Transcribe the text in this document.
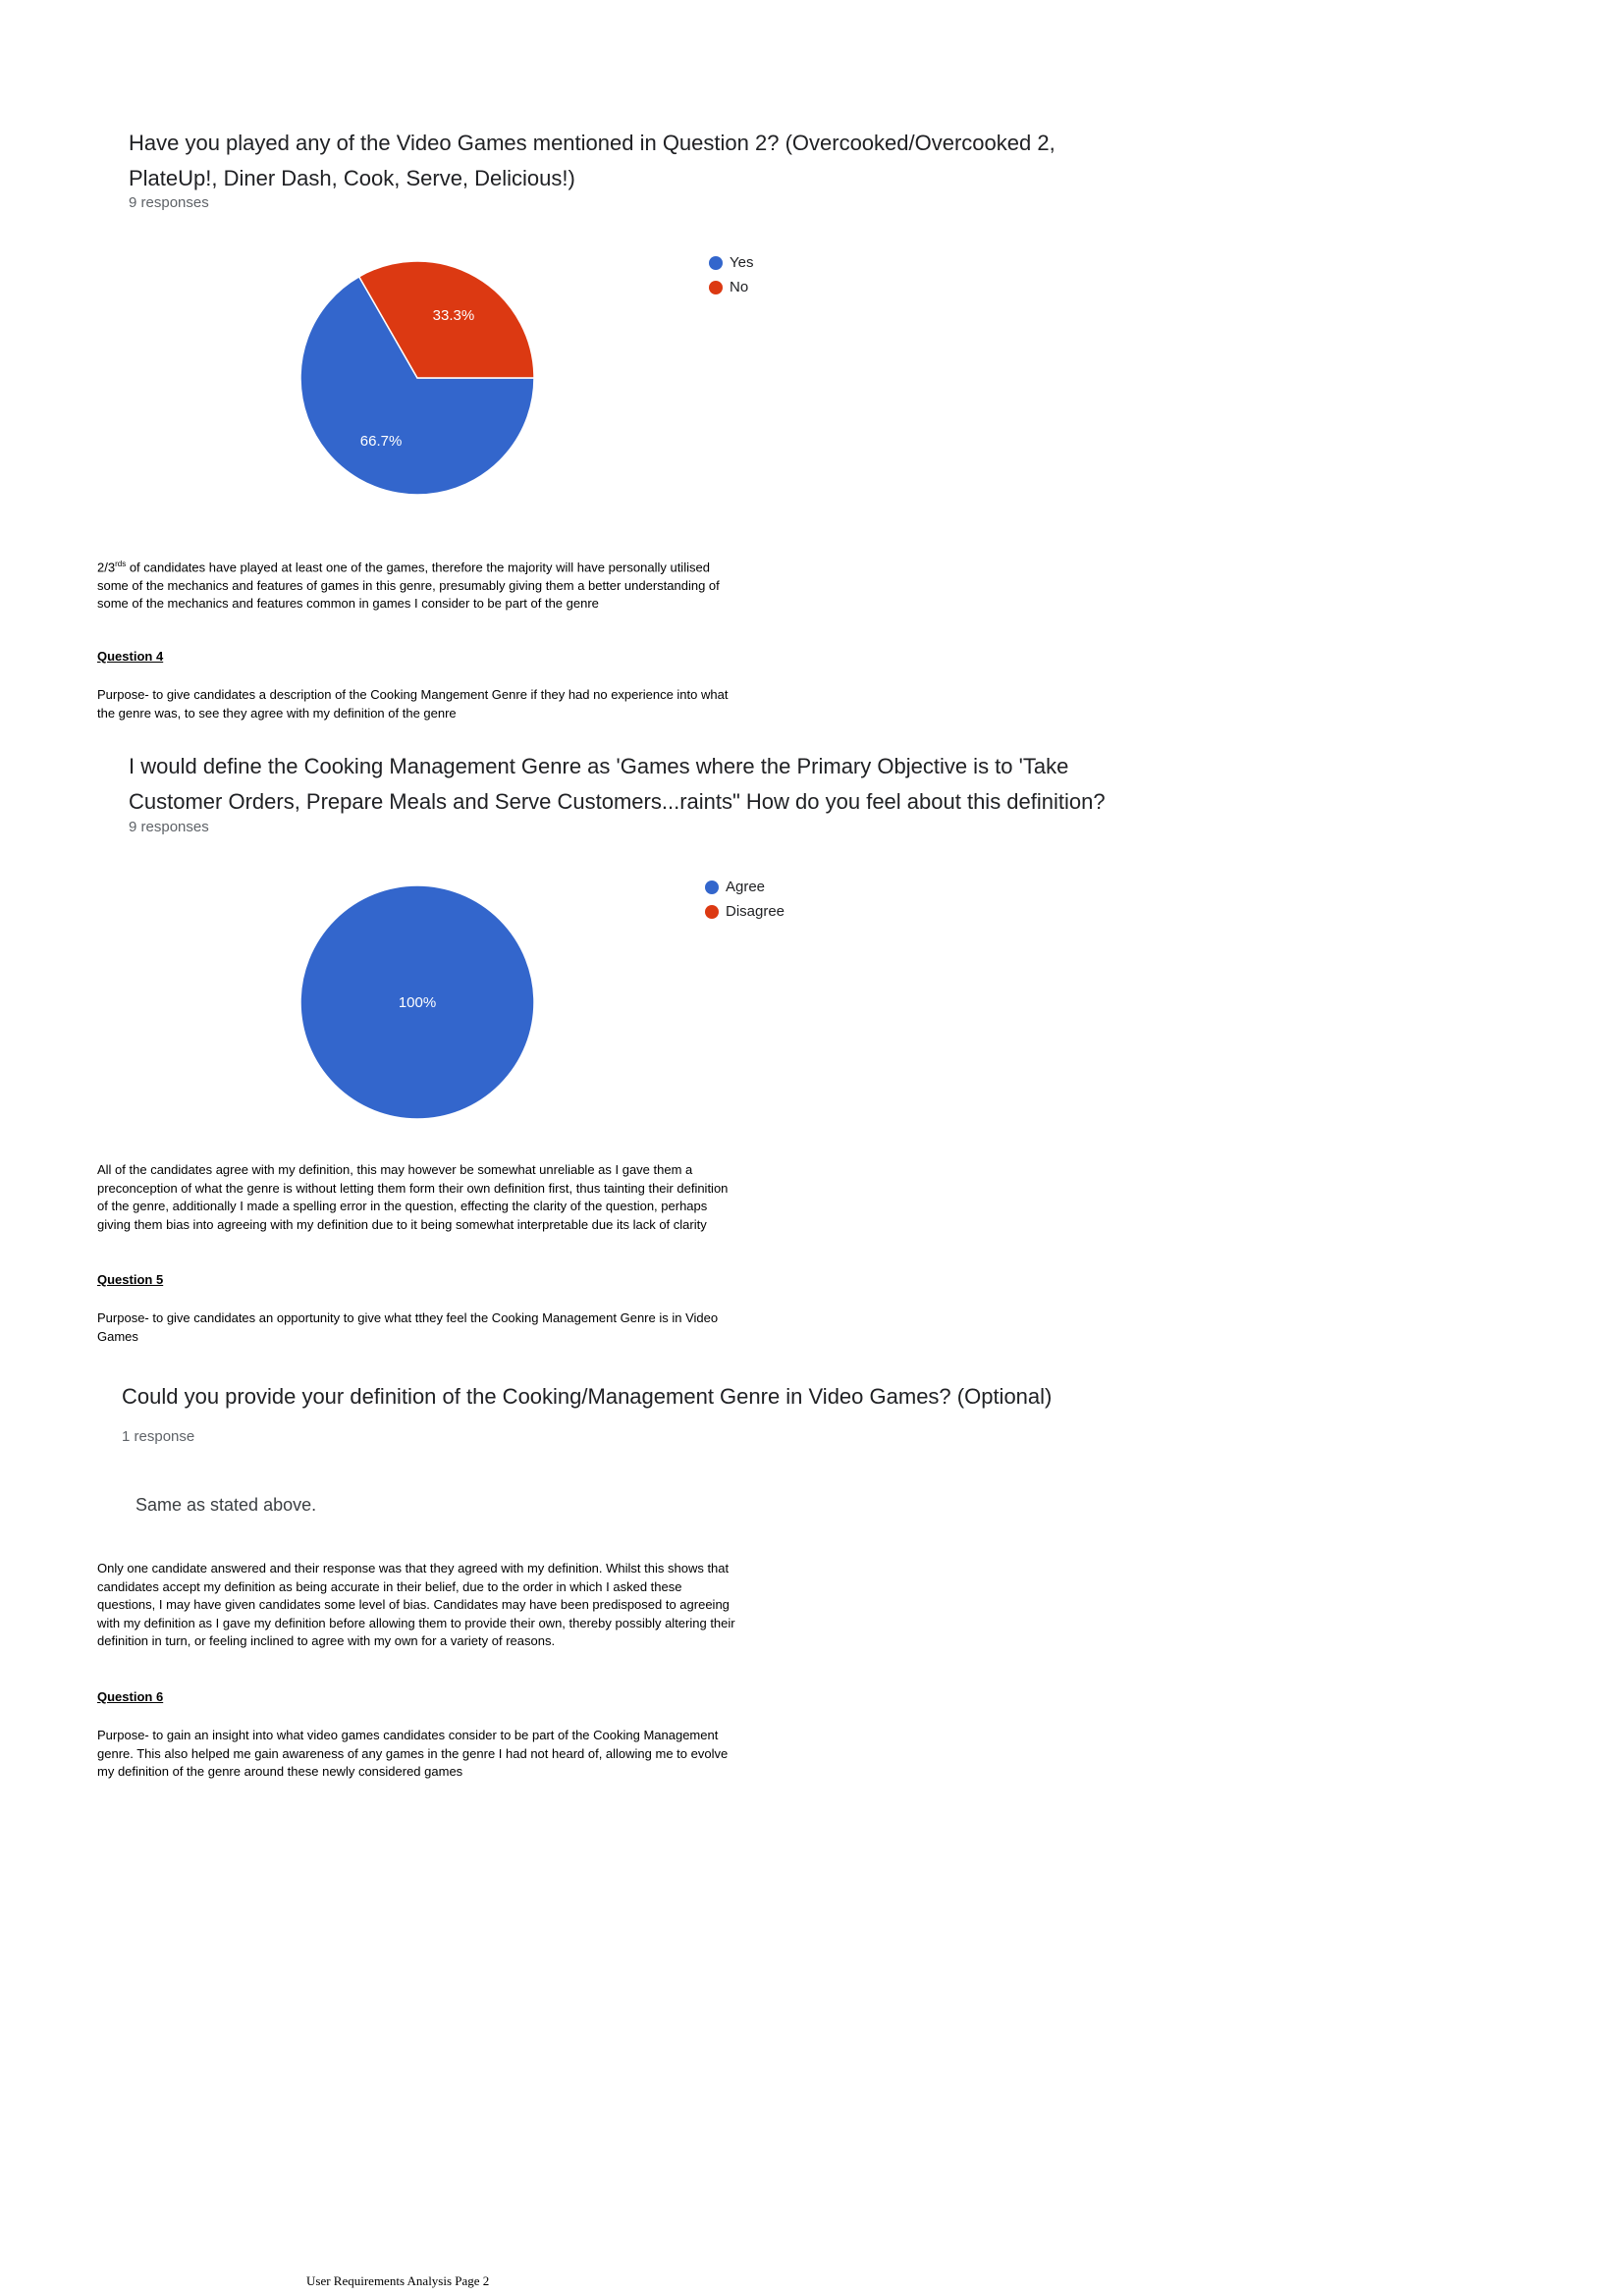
Have you played any of the Video Games mentioned in Question 2? (Overcooked/Overcooked 2,
PlateUp!, Diner Dash, Cook, Serve, Delicious!)
9 responses
66.7%
33.3%
Yes
No
$2/3^{rds}$ of candidates have played at least one of the games, therefore the majority will have personally utilised some of the mechanics and features of games in this genre, presumably giving them a better understanding of some of the mechanics and features common in games I consider to be part of the genre
Question 4
Purpose- to give candidates a description of the Cooking Mangement Genre if they had no experience into what the genre was, to see they agree with my definition of the genre
I would define the Cooking Management Genre as 'Games where the Primary Objective is to 'Take
Customer Orders, Prepare Meals and Serve Customers...raints" How do you feel about this definition?
9 responses
100%
Agree
Disagree
All of the candidates agree with my definition, this may however be somewhat unreliable as I gave them a preconception of what the genre is without letting them form their own definition first, thus tainting their definition of the genre, additionally I made a spelling error in the question, effecting the clarity of the question, perhaps giving them bias into agreeing with my definition due to it being somewhat interpretable due its lack of clarity
Question 5
Purpose- to give candidates an opportunity to give what tthey feel the Cooking Management Genre is in Video Games
Could you provide your definition of the Cooking/Management Genre in Video Games? (Optional)
1 response
Same as stated above.
Only one candidate answered and their response was that they agreed with my definition. Whilst this shows that candidates accept my definition as being accurate in their belief, due to the order in which I asked these questions, I may have given candidates some level of bias. Candidates may have been predisposed to agreeing with my definition as I gave my definition before allowing them to provide their own, thereby possibly altering their definition in turn, or feeling inclined to agree with my own for a variety of reasons.
Question 6
Purpose- to gain an insight into what video games candidates consider to be part of the Cooking Management genre. This also helped me gain awareness of any games in the genre I had not heard of, allowing me to evolve my definition of the genre around these newly considered games
User Requirements Analysis Page 2
